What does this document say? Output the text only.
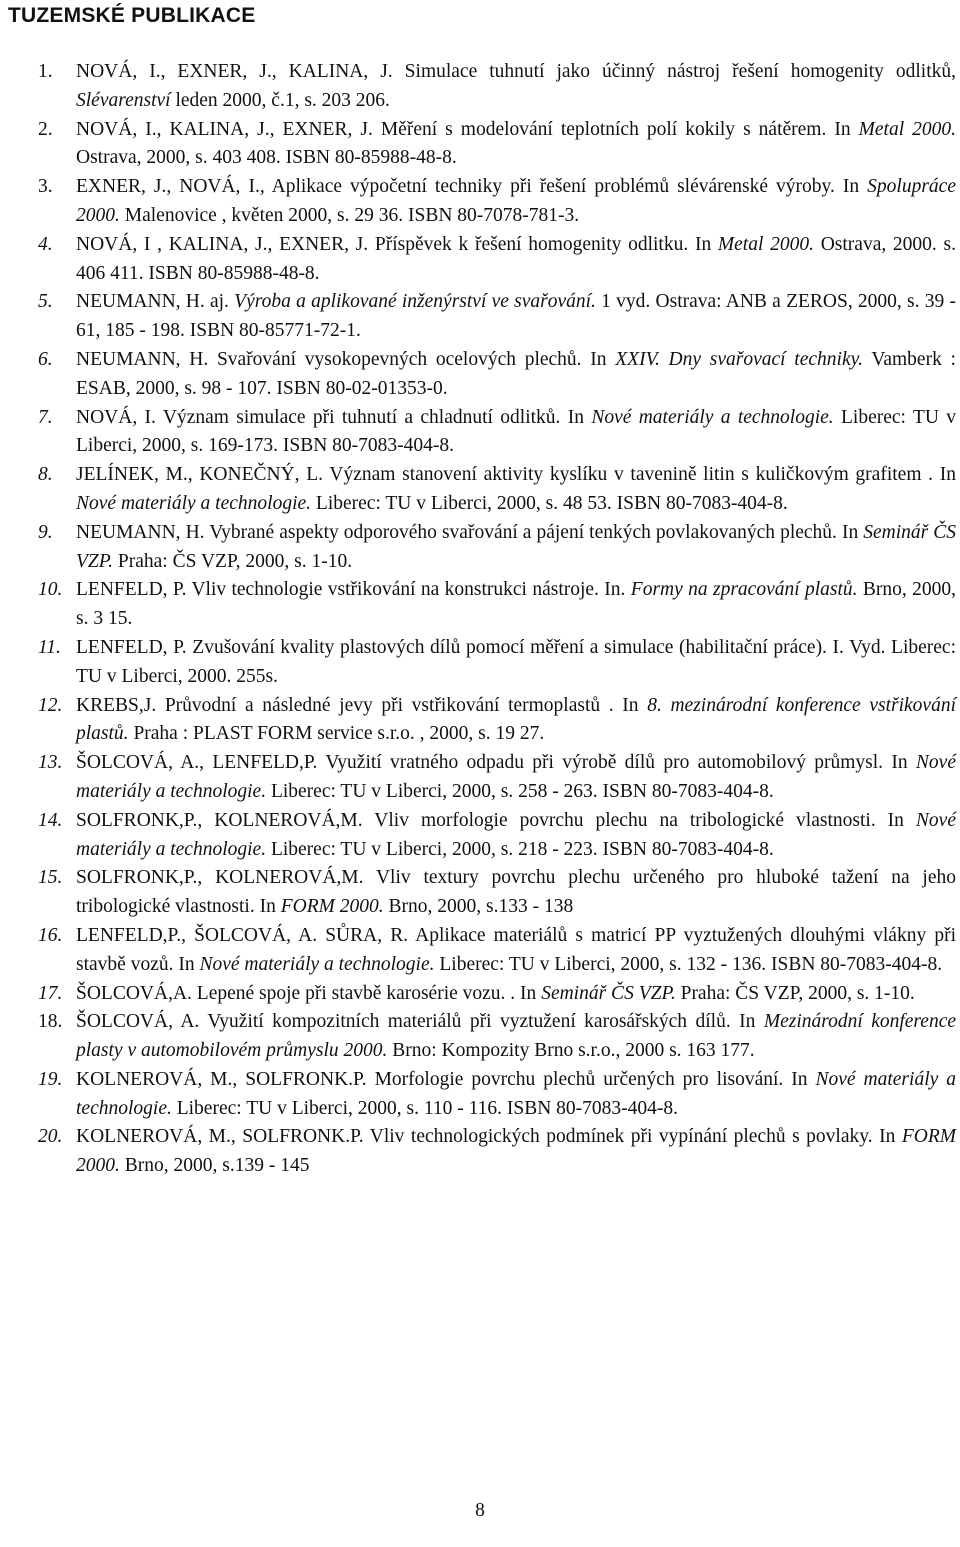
TUZEMSKÉ PUBLIKACE
1. NOVÁ, I., EXNER, J., KALINA, J. Simulace tuhnutí jako účinný nástroj řešení homogenity odlitků, Slévarenství leden 2000, č.1, s. 203 206.
2. NOVÁ, I., KALINA, J., EXNER, J. Měření s modelování teplotních polí kokily s nátěrem. In Metal 2000. Ostrava, 2000, s. 403 408. ISBN 80-85988-48-8.
3. EXNER, J., NOVÁ, I., Aplikace výpočetní techniky při řešení problémů slévárenské výroby. In Spolupráce 2000. Malenovice , květen 2000, s. 29 36. ISBN 80-7078-781-3.
4. NOVÁ, I , KALINA, J., EXNER, J. Příspěvek k řešení homogenity odlitku. In Metal 2000. Ostrava, 2000. s. 406 411. ISBN 80-85988-48-8.
5. NEUMANN, H. aj. Výroba a aplikované inženýrství ve svařování. 1 vyd. Ostrava: ANB a ZEROS, 2000, s. 39 - 61, 185 - 198. ISBN 80-85771-72-1.
6. NEUMANN, H. Svařování vysokopevných ocelových plechů. In XXIV. Dny svařovací techniky. Vamberk : ESAB, 2000, s. 98 - 107. ISBN 80-02-01353-0.
7. NOVÁ, I. Význam simulace při tuhnutí a chladnutí odlitků. In Nové materiály a technologie. Liberec: TU v Liberci, 2000, s. 169-173. ISBN 80-7083-404-8.
8. JELÍNEK, M., KONEČNÝ, L. Význam stanovení aktivity kyslíku v tavenině litin s kuličkovým grafitem . In Nové materiály a technologie. Liberec: TU v Liberci, 2000, s. 48 53. ISBN 80-7083-404-8.
9. NEUMANN, H. Vybrané aspekty odporového svařování a pájení tenkých povlakovaných plechů. In Seminář ČS VZP. Praha: ČS VZP, 2000, s. 1-10.
10. LENFELD, P. Vliv technologie vstřikování na konstrukci nástroje. In. Formy na zpracování plastů. Brno, 2000, s. 3 15.
11. LENFELD, P. Zvušování kvality plastových dílů pomocí měření a simulace (habilitační práce). I. Vyd. Liberec: TU v Liberci, 2000. 255s.
12. KREBS,J. Průvodní a následné jevy při vstřikování termoplastů . In 8. mezinárodní konference vstřikování plastů. Praha : PLAST FORM service s.r.o. , 2000, s. 19 27.
13. ŠOLCOVÁ, A., LENFELD,P. Využití vratného odpadu při výrobě dílů pro automobilový průmysl. In Nové materiály a technologie. Liberec: TU v Liberci, 2000, s. 258 - 263. ISBN 80-7083-404-8.
14. SOLFRONK,P., KOLNEROVÁ,M. Vliv morfologie povrchu plechu na tribologické vlastnosti. In Nové materiály a technologie. Liberec: TU v Liberci, 2000, s. 218 - 223. ISBN 80-7083-404-8.
15. SOLFRONK,P., KOLNEROVÁ,M. Vliv textury povrchu plechu určeného pro hluboké tažení na jeho tribologické vlastnosti. In FORM 2000. Brno, 2000, s.133 - 138
16. LENFELD,P., ŠOLCOVÁ, A. SŮRA, R. Aplikace materiálů s matricí PP vyztužených dlouhými vlákny při stavbě vozů. In Nové materiály a technologie. Liberec: TU v Liberci, 2000, s. 132 - 136. ISBN 80-7083-404-8.
17. ŠOLCOVÁ,A. Lepené spoje při stavbě karosérie vozu. . In Seminář ČS VZP. Praha: ČS VZP, 2000, s. 1-10.
18. ŠOLCOVÁ, A. Využití kompozitních materiálů při vyztužení karosářských dílů. In Mezinárodní konference plasty v automobilovém průmyslu 2000. Brno: Kompozity Brno s.r.o., 2000 s. 163 177.
19. KOLNEROVÁ, M., SOLFRONK.P. Morfologie povrchu plechů určených pro lisování. In Nové materiály a technologie. Liberec: TU v Liberci, 2000, s. 110 - 116. ISBN 80-7083-404-8.
20. KOLNEROVÁ, M., SOLFRONK.P. Vliv technologických podmínek při vypínání plechů s povlaky. In FORM 2000. Brno, 2000, s.139 - 145
8
